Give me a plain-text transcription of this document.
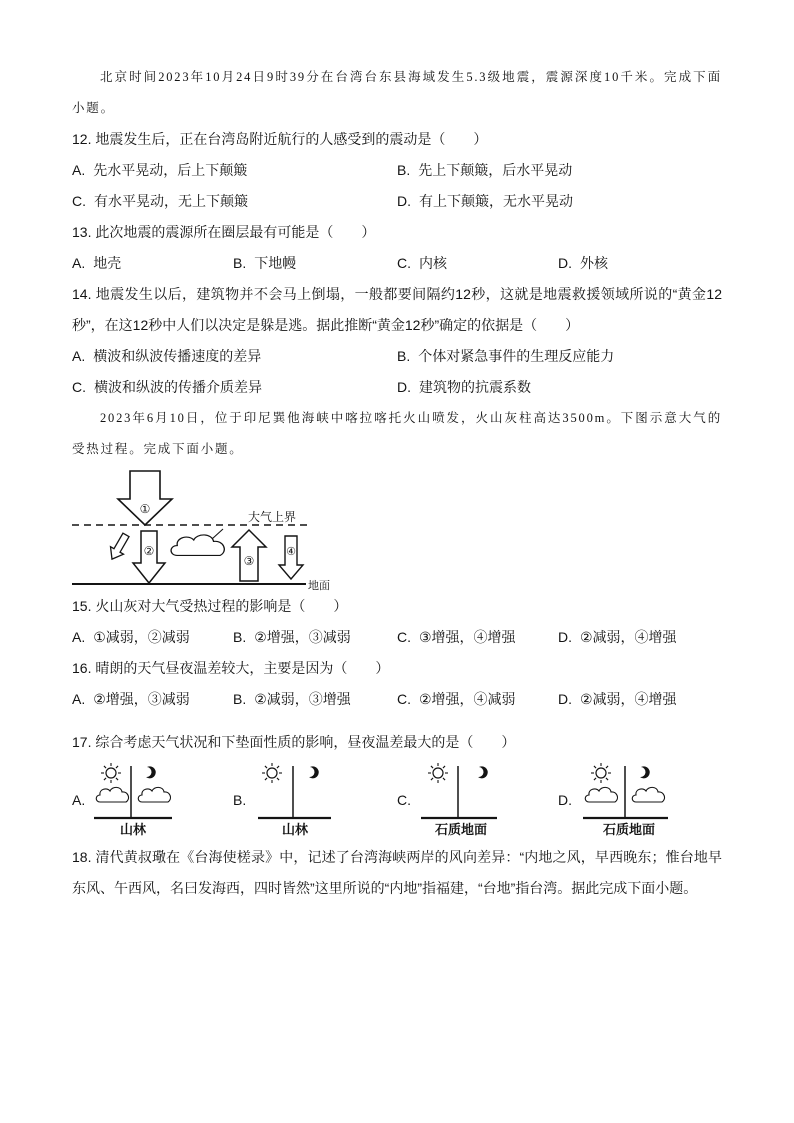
北京时间2023年10月24日9时39分在台湾台东县海域发生5.3级地震，震源深度10千米。完成下面小题。
12. 地震发生后，正在台湾岛附近航行的人感受到的震动是（　　）
A. 先水平晃动，后上下颠簸	B. 先上下颠簸，后水平晃动
C. 有水平晃动，无上下颠簸	D. 有上下颠簸，无水平晃动
13. 此次地震的震源所在圈层最有可能是（　　）
A. 地壳	B. 下地幔	C. 内核	D. 外核
14. 地震发生以后，建筑物并不会马上倒塌，一般都要间隔约12秒，这就是地震救援领域所说的“黄金12秒”，在这12秒中人们以决定是躲是逃。据此推断“黄金12秒”确定的依据是（　　）
A. 横波和纵波传播速度的差异	B. 个体对紧急事件的生理反应能力
C. 横波和纵波的传播介质差异	D. 建筑物的抗震系数
2023年6月10日，位于印尼巽他海峡中喀拉喀托火山喷发，火山灰柱高达3500m。下图示意大气的受热过程。完成下面小题。
①
大气上界
②
③
④
地面
15. 火山灰对大气受热过程的影响是（　　）
A. ①减弱，②减弱	B. ②增强，③减弱	C. ③增强，④增强	D. ②减弱，④增强
16. 晴朗的天气昼夜温差较大，主要是因为（　　）
A. ②增强，③减弱	B. ②减弱，③增强	C. ②增强，④减弱	D. ②减弱，④增强
17. 综合考虑天气状况和下垫面性质的影响，昼夜温差最大的是（　　）
A.
山林
B.
山林
C.
石质地面
D.
石质地面
18. 清代黄叔璥在《台海使槎录》中，记述了台湾海峡两岸的风向差异：“内地之风，早西晚东；惟台地早东风、午西风，名曰发海西，四时皆然”这里所说的“内地”指福建，“台地”指台湾。据此完成下面小题。
